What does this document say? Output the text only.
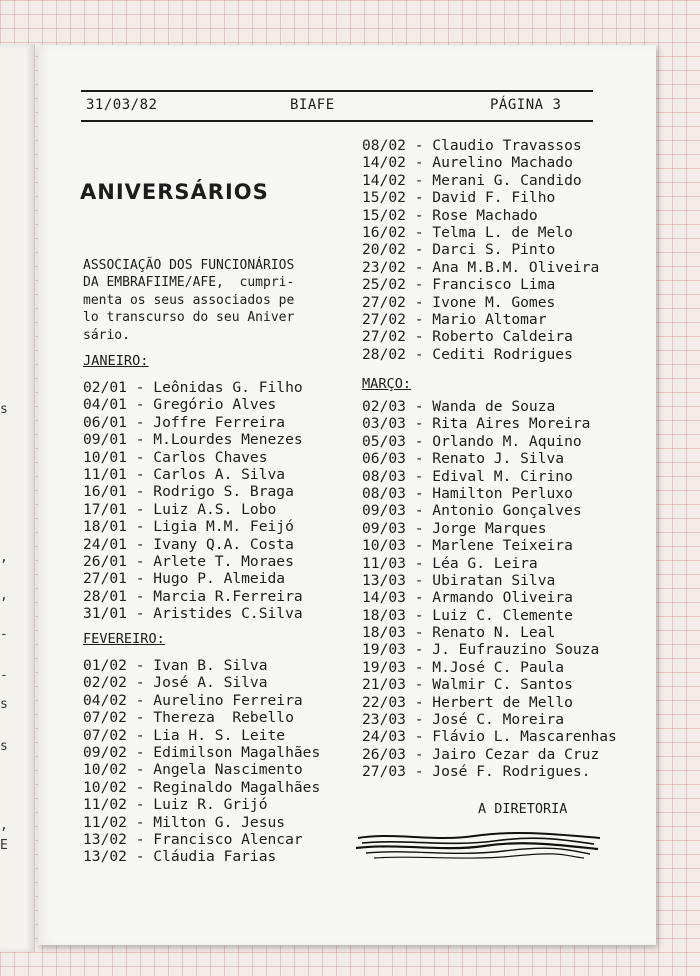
s
,
,
-
-
s
s
,
E
31/03/82	BIAFE	PÁGINA 3
ANIVERSÁRIOS
ASSOCIAÇÃO DOS FUNCIONÁRIOS
DA EMBRAFIIME/AFE,  cumpri-
menta os seus associados pe
lo transcurso do seu Aniver
sário.
JANEIRO:
02/01 - Leônidas G. Filho
04/01 - Gregório Alves
06/01 - Joffre Ferreira
09/01 - M.Lourdes Menezes
10/01 - Carlos Chaves
11/01 - Carlos A. Silva
16/01 - Rodrigo S. Braga
17/01 - Luiz A.S. Lobo
18/01 - Ligia M.M. Feijó
24/01 - Ivany Q.A. Costa
26/01 - Arlete T. Moraes
27/01 - Hugo P. Almeida
28/01 - Marcia R.Ferreira
31/01 - Aristides C.Silva
FEVEREIRO:
01/02 - Ivan B. Silva
02/02 - José A. Silva
04/02 - Aurelino Ferreira
07/02 - Thereza  Rebello
07/02 - Lia H. S. Leite
09/02 - Edimilson Magalhães
10/02 - Angela Nascimento
10/02 - Reginaldo Magalhães
11/02 - Luiz R. Grijó
11/02 - Milton G. Jesus
13/02 - Francisco Alencar
13/02 - Cláudia Farias
08/02 - Claudio Travassos
14/02 - Aurelino Machado
14/02 - Merani G. Candido
15/02 - David F. Filho
15/02 - Rose Machado
16/02 - Telma L. de Melo
20/02 - Darci S. Pinto
23/02 - Ana M.B.M. Oliveira
25/02 - Francisco Lima
27/02 - Ivone M. Gomes
27/02 - Mario Altomar
27/02 - Roberto Caldeira
28/02 - Cediti Rodrigues
MARÇO:
02/03 - Wanda de Souza
03/03 - Rita Aires Moreira
05/03 - Orlando M. Aquino
06/03 - Renato J. Silva
08/03 - Edival M. Cirino
08/03 - Hamilton Perluxo
09/03 - Antonio Gonçalves
09/03 - Jorge Marques
10/03 - Marlene Teixeira
11/03 - Léa G. Leira
13/03 - Ubiratan Silva
14/03 - Armando Oliveira
18/03 - Luiz C. Clemente
18/03 - Renato N. Leal
19/03 - J. Eufrauzino Souza
19/03 - M.José C. Paula
21/03 - Walmir C. Santos
22/03 - Herbert de Mello
23/03 - José C. Moreira
24/03 - Flávio L. Mascarenhas
26/03 - Jairo Cezar da Cruz
27/03 - José F. Rodrigues.
A DIRETORIA
